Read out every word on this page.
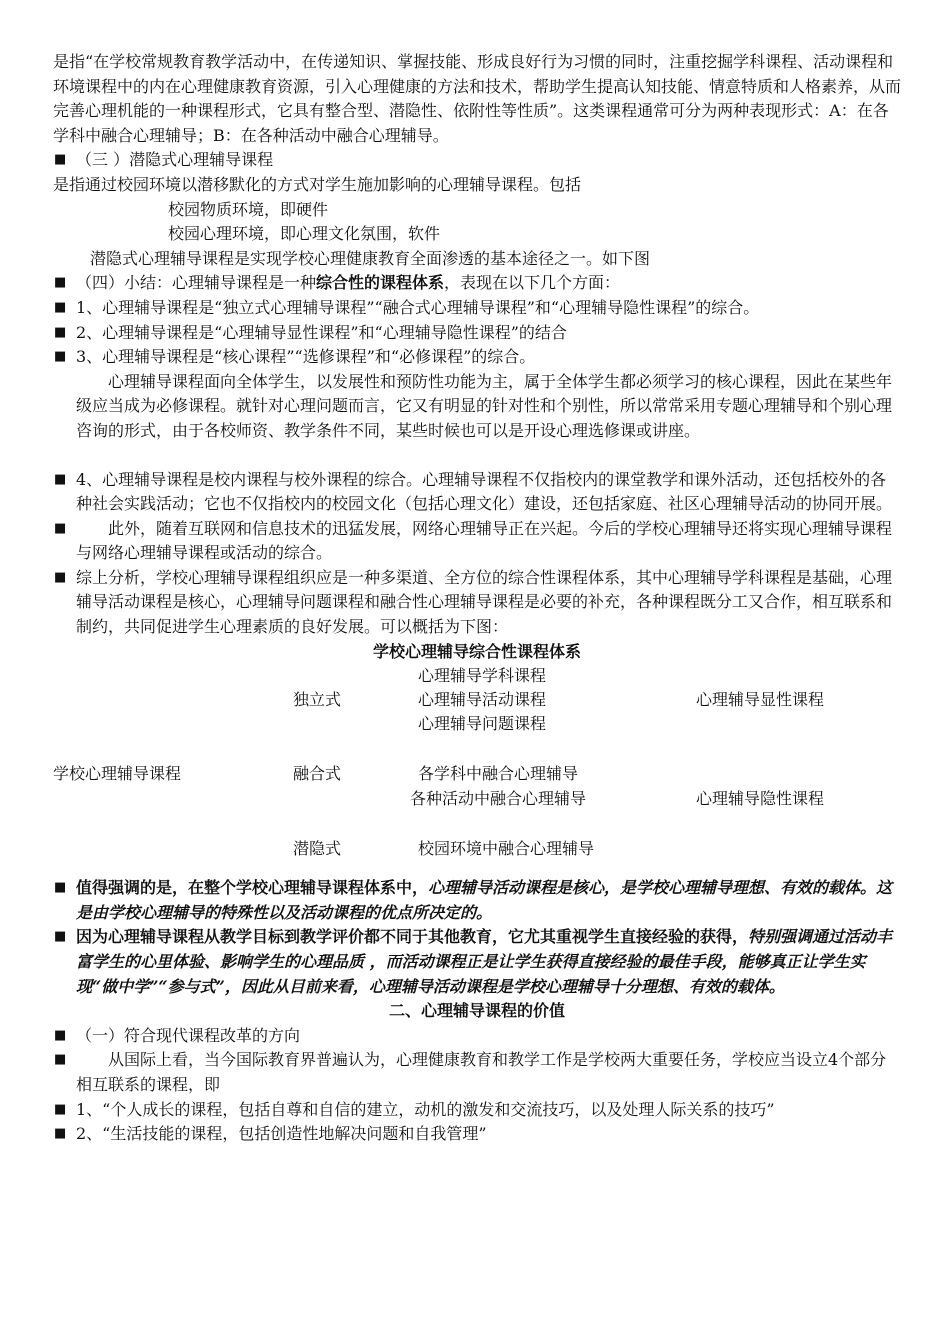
是指“在学校常规教育教学活动中，在传递知识、掌握技能、形成良好行为习惯的同时，注重挖掘学科课程、活动课程和环境课程中的内在心理健康教育资源，引入心理健康的方法和技术，帮助学生提高认知技能、情意特质和人格素养，从而完善心理机能的一种课程形式，它具有整合型、潜隐性、依附性等性质”。这类课程通常可分为两种表现形式：A：在各学科中融合心理辅导；B：在各种活动中融合心理辅导。
■ （三 ）潜隐式心理辅导课程
是指通过校园环境以潜移默化的方式对学生施加影响的心理辅导课程。包括
校园物质环境，即硬件
校园心理环境，即心理文化氛围，软件
潜隐式心理辅导课程是实现学校心理健康教育全面渗透的基本途径之一。如下图
■ （四）小结：心理辅导课程是一种综合性的课程体系，表现在以下几个方面：
■ 1、心理辅导课程是“独立式心理辅导课程”“融合式心理辅导课程”和“心理辅导隐性课程”的综合。
■ 2、心理辅导课程是“心理辅导显性课程”和“心理辅导隐性课程”的结合
■ 3、心理辅导课程是“核心课程”“选修课程”和“必修课程”的综合。
心理辅导课程面向全体学生，以发展性和预防性功能为主，属于全体学生都必须学习的核心课程，因此在某些年级应当成为必修课程。就针对心理问题而言，它又有明显的针对性和个别性，所以常常采用专题心理辅导和个别心理咨询的形式，由于各校师资、教学条件不同，某些时候也可以是开设心理选修课或讲座。
■ 4、心理辅导课程是校内课程与校外课程的综合。心理辅导课程不仅指校内的课堂教学和课外活动，还包括校外的各种社会实践活动；它也不仅指校内的校园文化（包括心理文化）建设，还包括家庭、社区心理辅导活动的协同开展。
■	此外，随着互联网和信息技术的迅猛发展，网络心理辅导正在兴起。今后的学校心理辅导还将实现心理辅导课程与网络心理辅导课程或活动的综合。
■ 综上分析，学校心理辅导课程组织应是一种多渠道、全方位的综合性课程体系，其中心理辅导学科课程是基础，心理辅导活动课程是核心，心理辅导问题课程和融合性心理辅导课程是必要的补充，各种课程既分工又合作，相互联系和制约，共同促进学生心理素质的良好发展。可以概括为下图：
学校心理辅导综合性课程体系
心理辅导学科课程
独立式	心理辅导活动课程	心理辅导显性课程
心理辅导问题课程
学校心理辅导课程	融合式	各学科中融合心理辅导
各种活动中融合心理辅导	心理辅导隐性课程
潜隐式	校园环境中融合心理辅导
■ 值得强调的是，在整个学校心理辅导课程体系中，心理辅导活动课程是核心，是学校心理辅导理想、有效的载体。这是由学校心理辅导的特殊性以及活动课程的优点所决定的。
■ 因为心理辅导课程从教学目标到教学评价都不同于其他教育，它尤其重视学生直接经验的获得，特别强调通过活动丰富学生的心里体验、影响学生的心理品质 ，而活动课程正是让学生获得直接经验的最佳手段，能够真正让学生实现“做中学”“参与式”，因此从目前来看，心理辅导活动课程是学校心理辅导十分理想、有效的载体。
二、心理辅导课程的价值
■ （一）符合现代课程改革的方向
■	从国际上看，当今国际教育界普遍认为，心理健康教育和教学工作是学校两大重要任务，学校应当设立4个部分相互联系的课程，即
■ 1、“个人成长的课程，包括自尊和自信的建立，动机的激发和交流技巧，以及处理人际关系的技巧”
■ 2、“生活技能的课程，包括创造性地解决问题和自我管理”
